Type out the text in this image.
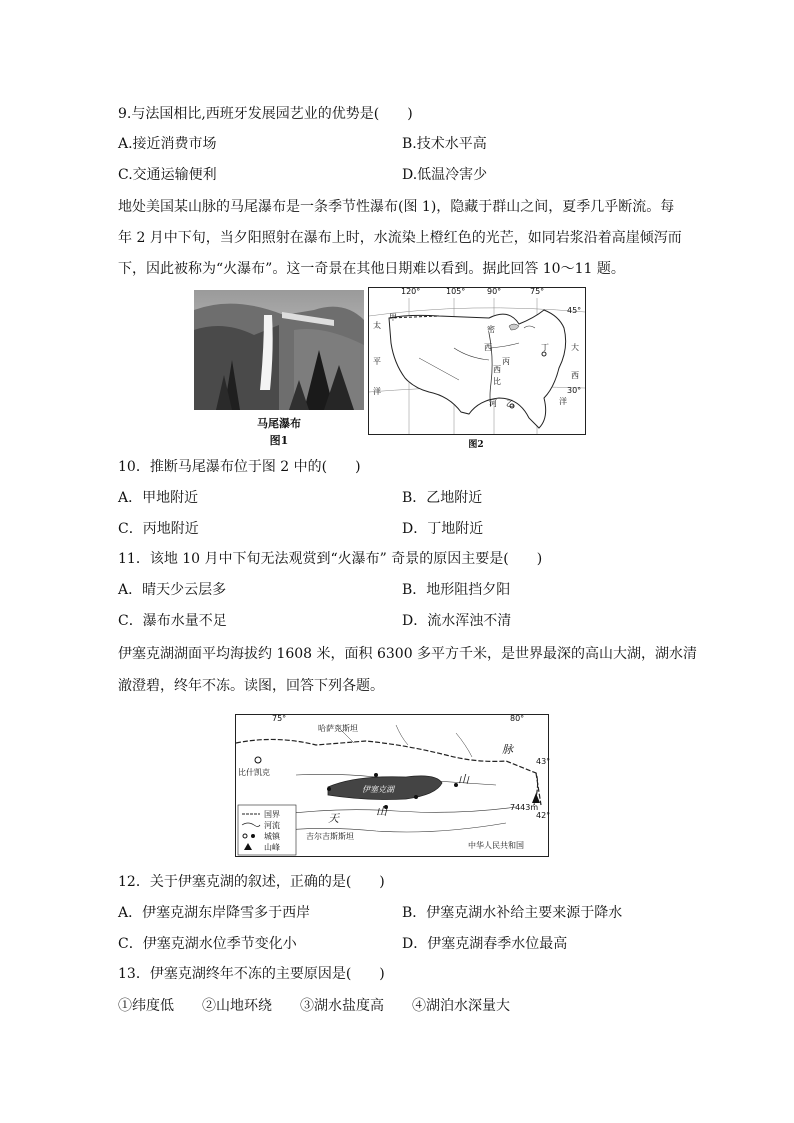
9.与法国相比,西班牙发展园艺业的优势是(　　)
A.接近消费市场	B.技术水平高
C.交通运输便利	D.低温冷害少
地处美国某山脉的马尾瀑布是一条季节性瀑布(图 1)，隐藏于群山之间，夏季几乎断流。每
年 2 月中下旬，当夕阳照射在瀑布上时，水流染上橙红色的光芒，如同岩浆沿着高崖倾泻而
下，因此被称为“火瀑布”。这一奇景在其他日期难以看到。据此回答 10～11 题。
马尾瀑布
图1
120°	105°	90°	75°
45°
30°
甲
密
西
丙
西
比
河 乙
丁
太
平
洋
大
西
洋
图2
10．推断马尾瀑布位于图 2 中的(　　)
A．甲地附近	B．乙地附近
C．丙地附近	D．丁地附近
11．该地 10 月中下旬无法观赏到“火瀑布” 奇景的原因主要是(　　)
A．晴天少云层多	B．地形阻挡夕阳
C．瀑布水量不足	D．流水浑浊不清
伊塞克湖湖面平均海拔约 1608 米，面积 6300 多平方千米，是世界最深的高山大湖，湖水清
澈澄碧，终年不冻。读图，回答下列各题。
75°	80°
43°
42°
哈萨克斯坦
吉尔吉斯斯坦
中华人民共和国
比什凯克
伊塞克湖
7443m
天
山
山
脉
国界
河流
城镇
山峰
12．关于伊塞克湖的叙述，正确的是(　　)
A．伊塞克湖东岸降雪多于西岸	B．伊塞克湖水补给主要来源于降水
C．伊塞克湖水位季节变化小	D．伊塞克湖春季水位最高
13．伊塞克湖终年不冻的主要原因是(　　)
①纬度低　　②山地环绕　　③湖水盐度高　　④湖泊水深量大
